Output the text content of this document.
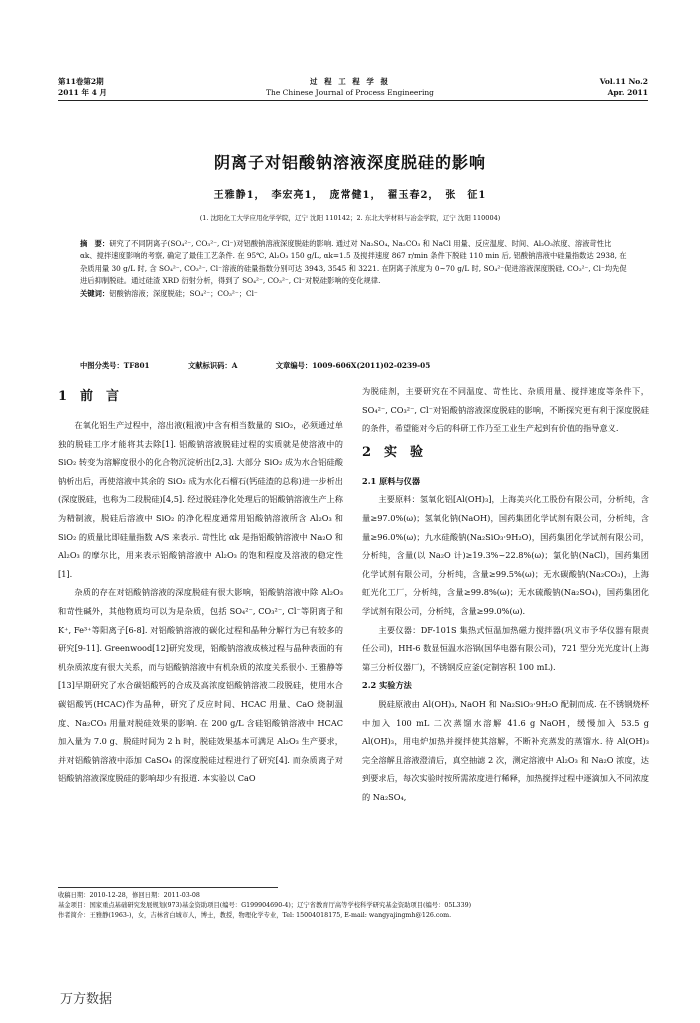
第11卷第2期
2011 年 4 月
过 程 工 程 学 报
The Chinese Journal of Process Engineering
Vol.11 No.2
Apr. 2011
阴离子对铝酸钠溶液深度脱硅的影响
王雅静1，　李宏亮1，　庞常健1，　翟玉春2，　张　征1
(1. 沈阳化工大学应用化学学院，辽宁 沈阳 110142；2. 东北大学材料与冶金学院，辽宁 沈阳 110004)

摘　要：研究了不同阴离子(SO₄²⁻, CO₃²⁻, Cl⁻)对铝酸钠溶液深度脱硅的影响. 通过对 Na₂SO₄, Na₂CO₃ 和 NaCl 用量、反应温度、时间、Al₂O₃浓度、溶液苛性比 αk、搅拌速度影响的考察, 确定了最佳工艺条件. 在 95℃, Al₂O₃ 150 g/L, αk=1.5 及搅拌速度 867 r/min 条件下脱硅 110 min 后, 铝酸钠溶液中硅量指数达 2938, 在杂质用量 30 g/L 时, 含 SO₄²⁻, CO₃²⁻, Cl⁻溶液的硅量指数分别可达 3943, 3545 和 3221. 在阴离子浓度为 0~70 g/L 时, SO₄²⁻促进溶液深度脱硅, CO₃²⁻, Cl⁻均先促进后抑制脱硅。通过硅渣 XRD 衍射分析，得到了 SO₄²⁻, CO₃²⁻, Cl⁻对脱硅影响的变化规律.

关键词：铝酸钠溶液；深度脱硅；SO₄²⁻；CO₃²⁻；Cl⁻

中图分类号：TF801	文献标识码：A	文章编号：1009-606X(2011)02-0239-05
1　前　言

在氧化铝生产过程中，溶出液(粗液)中含有相当数量的 SiO₂，必须通过单独的脱硅工序才能将其去除[1]. 铝酸钠溶液脱硅过程的实质就是使溶液中的 SiO₂ 转变为溶解度很小的化合物沉淀析出[2,3]. 大部分 SiO₂ 成为水合铝硅酸钠析出后，再使溶液中其余的 SiO₂ 成为水化石榴石(钙硅渣的总称)进一步析出(深度脱硅，也称为二段脱硅)[4,5]. 经过脱硅净化处理后的铝酸钠溶液生产上称为精制液，脱硅后溶液中 SiO₂ 的净化程度通常用铝酸钠溶液所含 Al₂O₃ 和 SiO₂ 的质量比即硅量指数 A/S 来表示. 苛性比 αk 是指铝酸钠溶液中 Na₂O 和 Al₂O₃ 的摩尔比，用来表示铝酸钠溶液中 Al₂O₃ 的饱和程度及溶液的稳定性[1].

杂质的存在对铝酸钠溶液的深度脱硅有很大影响，铝酸钠溶液中除 Al₂O₃ 和苛性碱外，其他物质均可以为是杂质，包括 SO₄²⁻, CO₃²⁻, Cl⁻等阴离子和 K⁺, Fe³⁺等阳离子[6-8]. 对铝酸钠溶液的碳化过程和晶种分解行为已有较多的研究[9-11]. Greenwood[12]研究发现，铝酸钠溶液成核过程与晶种表面的有机杂质浓度有很大关系，而与铝酸钠溶液中有机杂质的浓度关系很小. 王雅静等[13]早期研究了水合碳铝酸钙的合成及高浓度铝酸钠溶液二段脱硅，使用水合碳铝酸钙(HCAC)作为晶种，研究了反应时间、HCAC 用量、CaO 烧制温度、Na₂CO₃ 用量对脱硅效果的影响. 在 200 g/L 含硅铝酸钠溶液中 HCAC 加入量为 7.0 g、脱硅时间为 2 h 时，脱硅效果基本可满足 Al₂O₃ 生产要求，并对铝酸钠溶液中添加 CaSO₄ 的深度脱硅过程进行了研究[4]. 而杂质离子对铝酸钠溶液深度脱硅的影响却少有报道. 本实验以 CaO

为脱硅剂，主要研究在不同温度、苛性比、杂质用量、搅拌速度等条件下，SO₄²⁻, CO₃²⁻, Cl⁻对铝酸钠溶液深度脱硅的影响，不断探究更有利于深度脱硅的条件，希望能对今后的科研工作乃至工业生产起到有价值的指导意义.

2　实　验

2.1 原料与仪器

主要原料：氢氧化铝[Al(OH)₃]，上海美兴化工股份有限公司，分析纯，含量≥97.0%(ω)；氢氧化钠(NaOH)，国药集团化学试剂有限公司，分析纯，含量≥96.0%(ω)；九水硅酸钠(Na₂SiO₃·9H₂O)，国药集团化学试剂有限公司，分析纯，含量(以 Na₂O 计)≥19.3%~22.8%(ω)；氯化钠(NaCl)，国药集团化学试剂有限公司，分析纯，含量≥99.5%(ω)；无水碳酸钠(Na₂CO₃)，上海虹光化工厂，分析纯，含量≥99.8%(ω)；无水硫酸钠(Na₂SO₄)，国药集团化学试剂有限公司，分析纯，含量≥99.0%(ω).

主要仪器：DF-101S 集热式恒温加热磁力搅拌器(巩义市予华仪器有限责任公司)，HH-6 数显恒温水浴锅(国华电器有限公司)，721 型分光光度计(上海第三分析仪器厂)，不锈钢反应釜(定制容积 100 mL).

2.2 实验方法

脱硅原液由 Al(OH)₃, NaOH 和 Na₂SiO₃·9H₂O 配制而成. 在不锈钢烧杯中加入 100 mL 二次蒸馏水溶解 41.6 g NaOH，缓慢加入 53.5 g Al(OH)₃，用电炉加热并搅拌使其溶解，不断补充蒸发的蒸馏水. 待 Al(OH)₃ 完全溶解且溶液澄清后，真空抽滤 2 次，测定溶液中 Al₂O₃ 和 Na₂O 浓度，达到要求后，每次实验时按所需浓度进行稀释，加热搅拌过程中逐滴加入不同浓度的 Na₂SO₄,

收稿日期：2010-12-28，修回日期：2011-03-08

基金项目：国家重点基础研究发展规划(973)基金资助项目(编号：G199904690-4)；辽宁省教育厅高等学校科学研究基金资助项目(编号：05L339)

作者简介：王雅静(1963-)，女，吉林省白城市人，博士，教授，物理化学专业，Tel: 15004018175, E-mail: wangyajingmh@126.com.

万方数据
